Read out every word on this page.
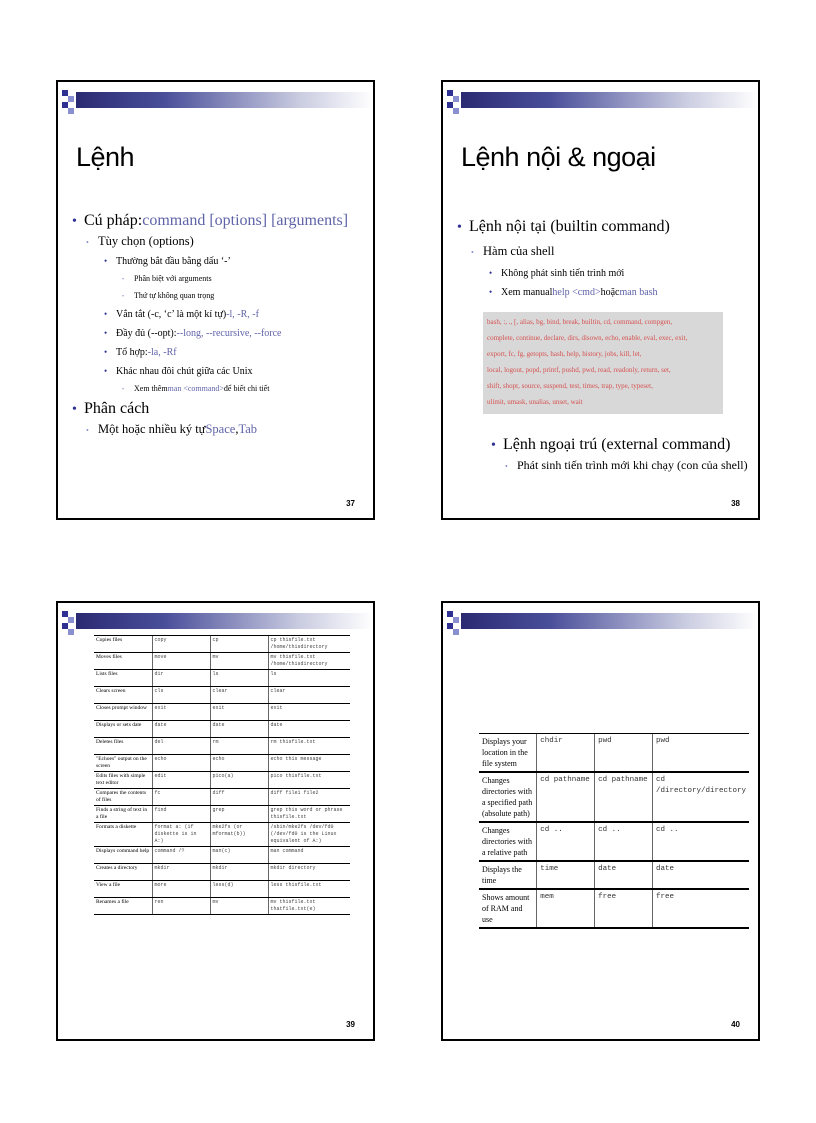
Lệnh
• Cú pháp: command [options] [arguments]
• Tùy chọn (options)
• Thường bắt đầu bằng dấu ‘-’
•	Phân biệt với arguments
•	Thứ tự không quan trọng
• Vắn tắt (-c, ‘c’ là một kí tự) -l, -R, -f
• Đầy đủ (--opt): --long, --recursive, --force
• Tổ hợp: -la, -Rf
• Khác nhau đôi chút giữa các Unix
•	Xem thêm man <command> để biết chi tiết
• Phân cách
• Một hoặc nhiều ký tự Space , Tab
37
Lệnh nội & ngoại
• Lệnh nội tại (builtin command)
• Hàm của shell
• Không phát sinh tiến trình mới
• Xem manual help <cmd> hoặc man bash
bash, :, ., [, alias, bg, bind, break, builtin, cd, command, compgen,
complete, continue, declare, dirs, disown, echo, enable, eval, exec, exit,
export, fc, fg, getopts, hash, help, history, jobs, kill, let,
local, logout, popd, printf, pushd, pwd, read, readonly, return, set,
shift, shopt, source, suspend, test, times, trap, type, typeset,
ulimit, umask, unalias, unset, wait
• Lệnh ngoại trú (external command)
• Phát sinh tiến trình mới khi chạy (con của shell)
38
Copies files	copy	cp	cp thisfile.txt /home/thisdirectory
Moves files	move	mv	mv thisfile.txt /home/thisdirectory
Lists files	dir	ls	ls
Clears screen	cls	clear	clear
Closes prompt window	exit	exit	exit
Displays or sets date	date	date	date
Deletes files	del	rm	rm thisfile.txt
"Echoes" output on the screen	echo	echo	echo this message
Edits files with simple text editor	edit	pico(a)	pico thisfile.txt
Compares the contents of files	fc	diff	diff file1 file2
Finds a string of text in a file	find	grep	grep this word or phrase thisfile.txt
Formats a diskette	format a: (if diskette is in A:)	mke2fs (or mformat(b))	/sbin/mke2fs /dev/fd0 (/dev/fd0 is the Linux equivalent of A:)
Displays command help	command /?	man(c)	man command
Creates a directory	mkdir	mkdir	mkdir directory
View a file	more	less(d)	less thisfile.txt
Renames a file	ren	mv	mv thisfile.txt thatfile.txt(e)
39
Displays your location in the file system	chdir	pwd	pwd
Changes directories with a specified path (absolute path)	cd pathname	cd pathname	cd /directory/directory
Changes directories with a relative path	cd ..	cd ..	cd ..
Displays the time	time	date	date
Shows amount of RAM and use	mem	free	free
40
